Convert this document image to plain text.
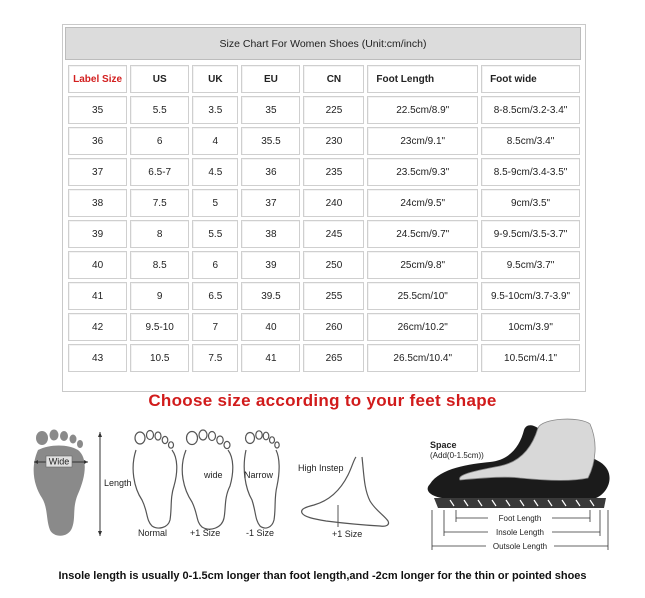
Size Chart For Women Shoes (Unit:cm/inch)
Label Size	US	UK	EU	CN	Foot Length	Foot wide
35	5.5	3.5	35	225	22.5cm/8.9"	8-8.5cm/3.2-3.4"
36	6	4	35.5	230	23cm/9.1"	8.5cm/3.4"
37	6.5-7	4.5	36	235	23.5cm/9.3"	8.5-9cm/3.4-3.5"
38	7.5	5	37	240	24cm/9.5"	9cm/3.5"
39	8	5.5	38	245	24.5cm/9.7"	9-9.5cm/3.5-3.7"
40	8.5	6	39	250	25cm/9.8"	9.5cm/3.7"
41	9	6.5	39.5	255	25.5cm/10"	9.5-10cm/3.7-3.9"
42	9.5-10	7	40	260	26cm/10.2"	10cm/3.9"
43	10.5	7.5	41	265	26.5cm/10.4"	10.5cm/4.1"
Choose size according to your feet shape
Wide
Length
wide Narrow
Normal	+1 Size	-1 Size
High Instep
+1 Size
Space
(Add(0-1.5cm))
Foot Length
Insole Length
Outsole Length
Insole length is usually 0-1.5cm longer than foot length,and -2cm longer for the thin or pointed shoes
